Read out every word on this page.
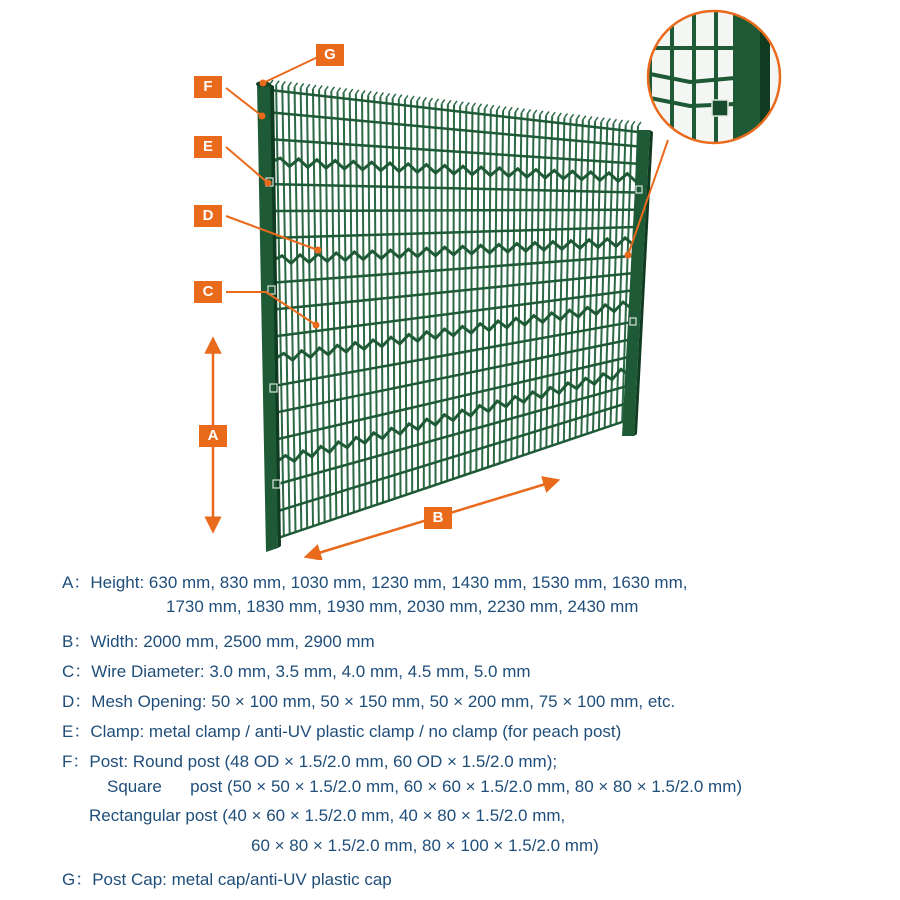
G
F
E
D
C
A
B
A：Height: 630 mm, 830 mm, 1030 mm, 1230 mm, 1430 mm, 1530 mm, 1630 mm,
1730 mm, 1830 mm, 1930 mm, 2030 mm, 2230 mm, 2430 mm
B：Width: 2000 mm, 2500 mm, 2900 mm
C：Wire Diameter: 3.0 mm, 3.5 mm, 4.0 mm, 4.5 mm, 5.0 mm
D：Mesh Opening: 50 × 100 mm, 50 × 150 mm, 50 × 200 mm, 75 × 100 mm, etc.
E：Clamp: metal clamp / anti-UV plastic clamp / no clamp (for peach post)
F：Post: Round post (48 OD × 1.5/2.0 mm, 60 OD × 1.5/2.0 mm);
Square      post (50 × 50 × 1.5/2.0 mm, 60 × 60 × 1.5/2.0 mm, 80 × 80 × 1.5/2.0 mm)
Rectangular post (40 × 60 × 1.5/2.0 mm, 40 × 80 × 1.5/2.0 mm,
60 × 80 × 1.5/2.0 mm, 80 × 100 × 1.5/2.0 mm)
G：Post Cap: metal cap/anti-UV plastic cap
